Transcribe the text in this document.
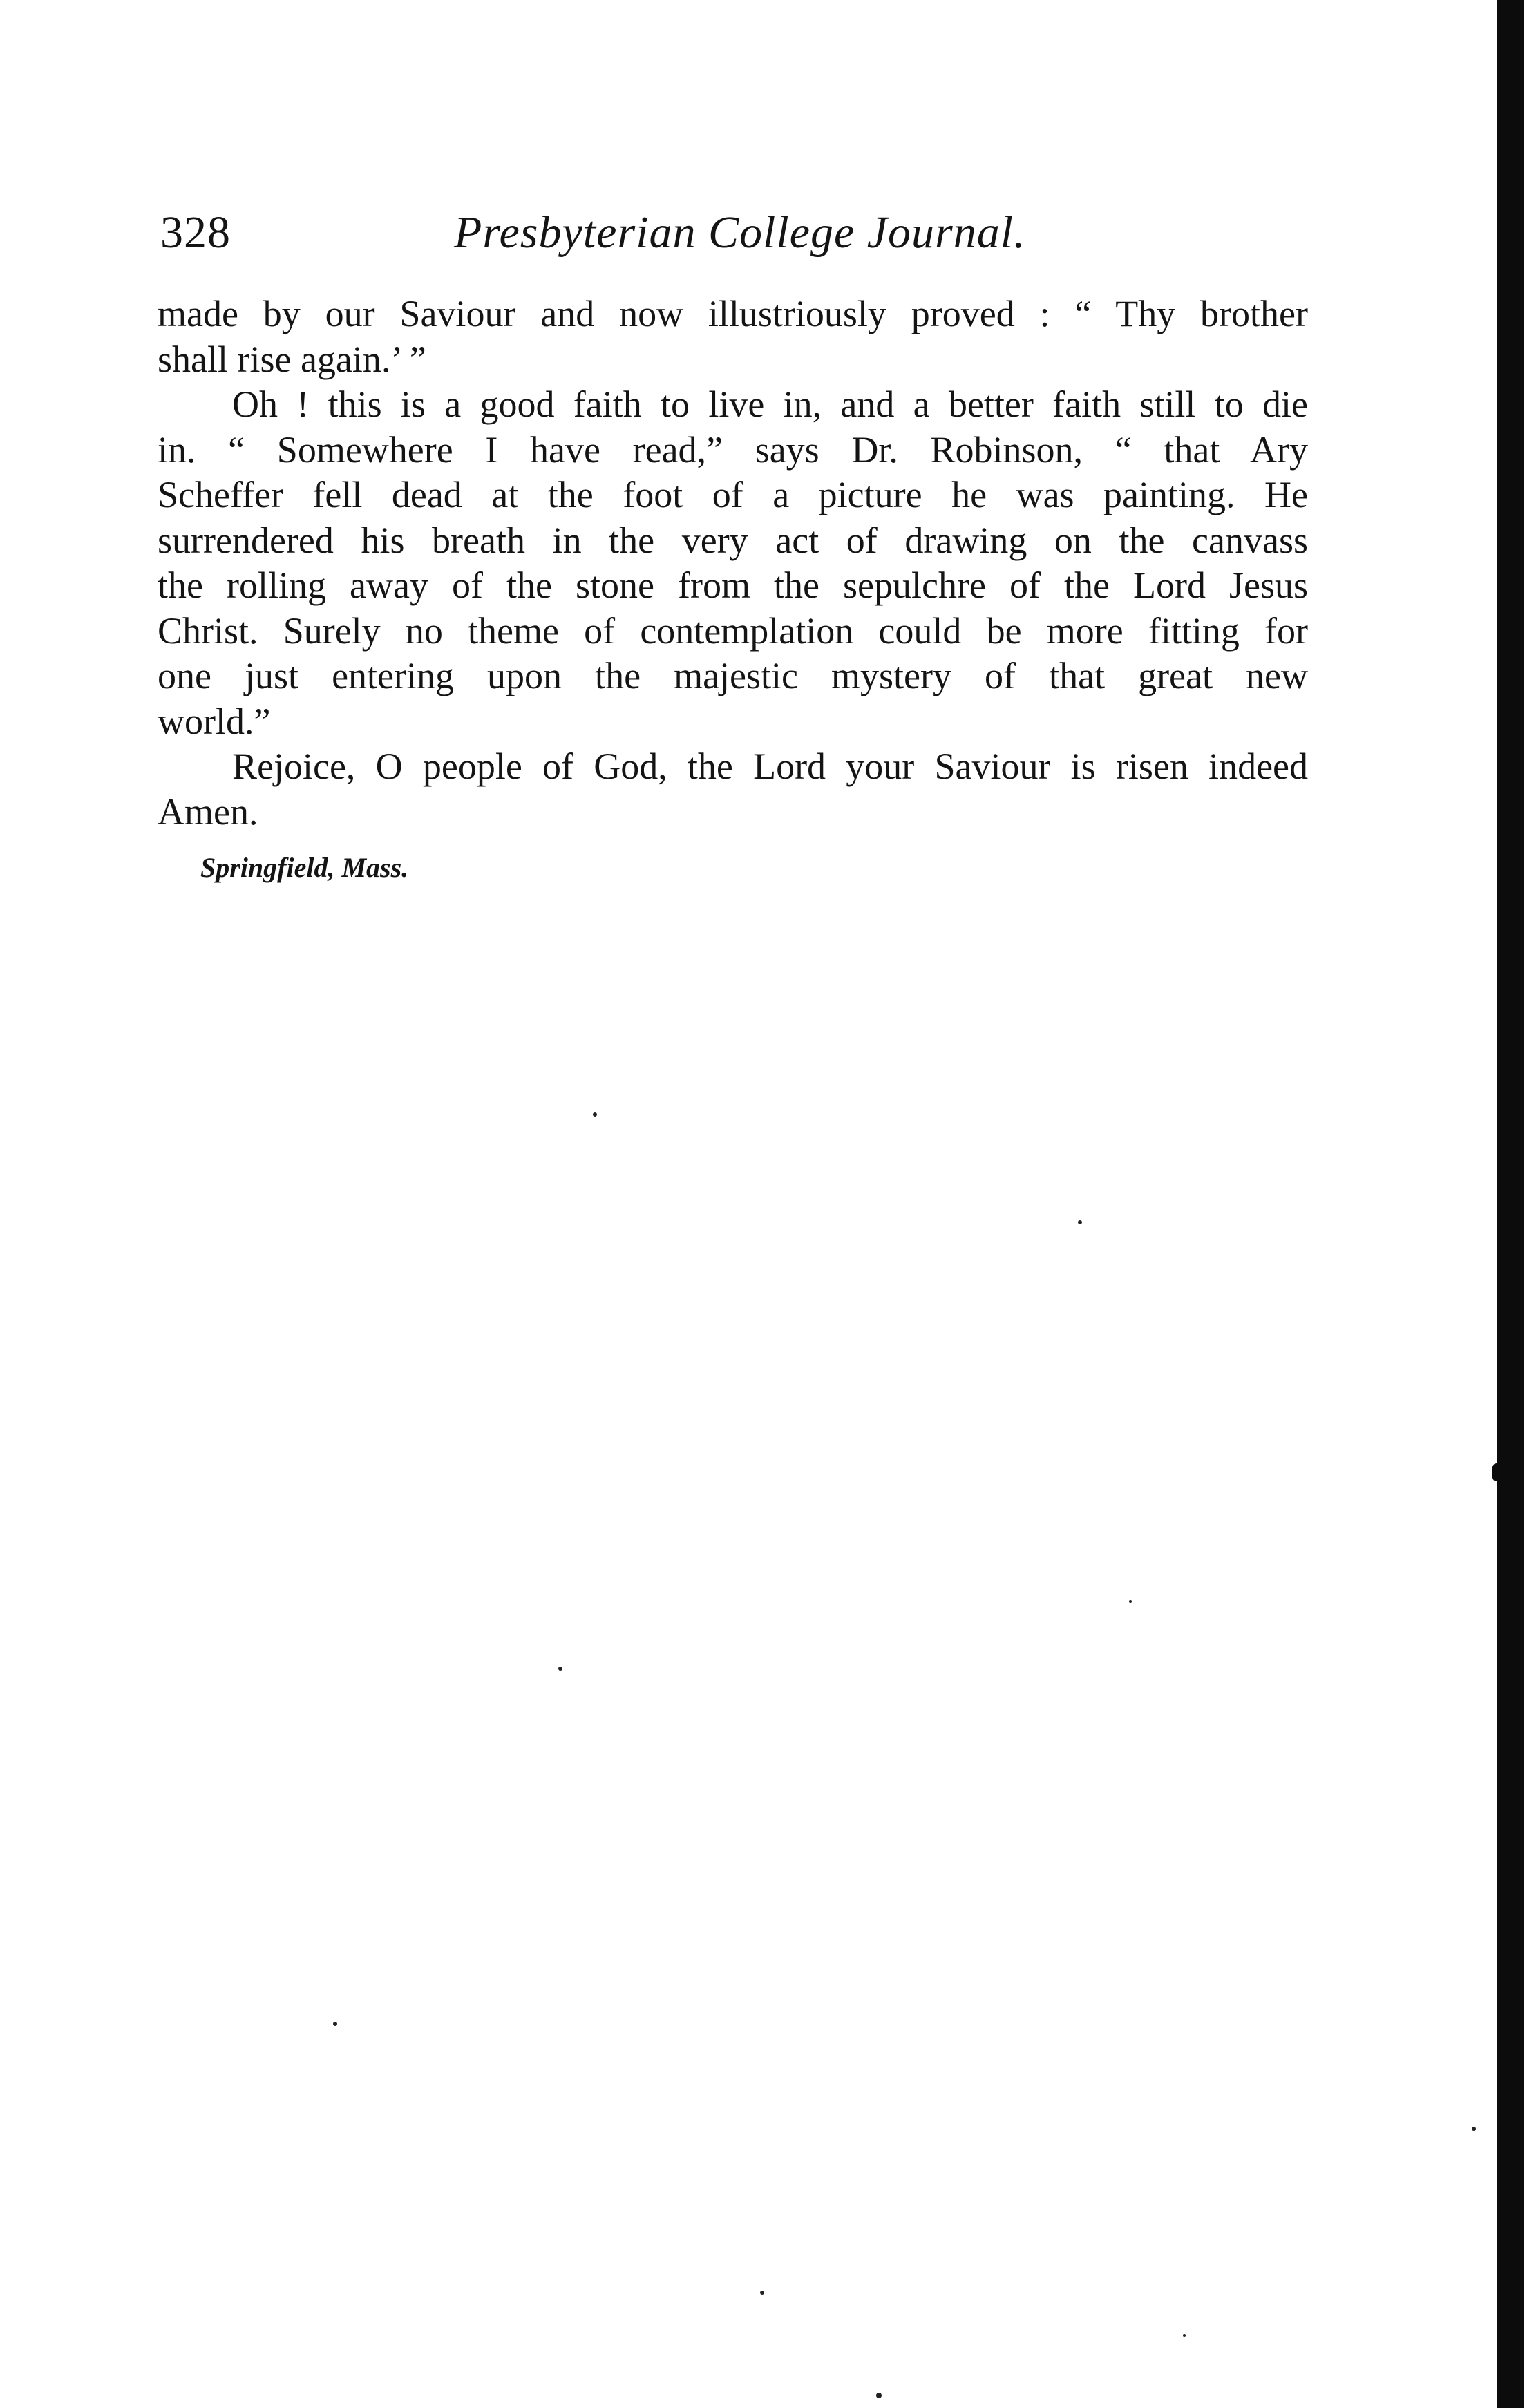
328	Presbyterian College Journal.
made by our Saviour and now illustriously proved : “ Thy brother
shall rise again.’ ”
Oh ! this is a good faith to live in, and a better faith still to die
in. “ Somewhere I have read,” says Dr. Robinson, “ that Ary
Scheffer fell dead at the foot of a picture he was painting. He
surrendered his breath in the very act of drawing on the canvass
the rolling away of the stone from the sepulchre of the Lord Jesus
Christ. Surely no theme of contemplation could be more fitting for
one just entering upon the majestic mystery of that great new
world.”
Rejoice, O people of God, the Lord your Saviour is risen indeed
Amen.
Springfield, Mass.
